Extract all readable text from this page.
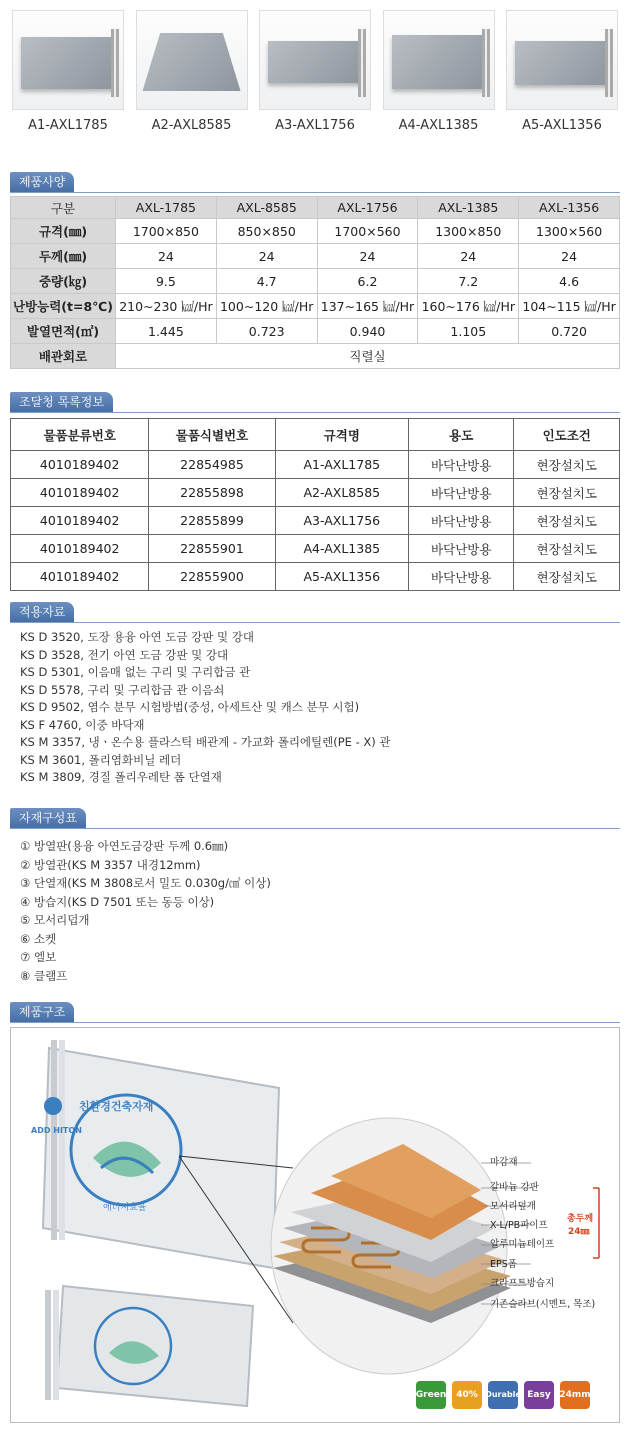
A1-AXL1785	A2-AXL8585	A3-AXL1756	A4-AXL1385	A5-AXL1356
제품사양
구분	AXL-1785	AXL-8585	AXL-1756	AXL-1385	AXL-1356
규격(㎜)	1700×850	850×850	1700×560	1300×850	1300×560
두께(㎜)	24	24	24	24	24
중량(㎏)	9.5	4.7	6.2	7.2	4.6
난방능력(t=8℃)	210∼230 ㎉/Hr	100∼120 ㎉/Hr	137∼165 ㎉/Hr	160∼176 ㎉/Hr	104∼115 ㎉/Hr
발열면적(㎡)	1.445	0.723	0.940	1.105	0.720
배관회로	직렬실				
조달청 목록정보
물품분류번호	물품식별번호	규격명	용도	인도조건
4010189402	22854985	A1-AXL1785	바닥난방용	현장설치도
4010189402	22855898	A2-AXL8585	바닥난방용	현장설치도
4010189402	22855899	A3-AXL1756	바닥난방용	현장설치도
4010189402	22855901	A4-AXL1385	바닥난방용	현장설치도
4010189402	22855900	A5-AXL1356	바닥난방용	현장설치도
적용자료
KS D 3520, 도장 용융 아연 도금 강판 및 강대
KS D 3528, 전기 아연 도금 강판 및 강대
KS D 5301, 이음매 없는 구리 및 구리합금 관
KS D 5578, 구리 및 구리합금 관 이음쇠
KS D 9502, 염수 분무 시험방법(중성, 아세트산 및 캐스 분무 시험)
KS F 4760, 이중 바닥재
KS M 3357, 냉ㆍ온수용 플라스틱 배관계 - 가교화 폴리에틸렌(PE - X) 관
KS M 3601, 폴리염화비닐 레더
KS M 3809, 경질 폴리우레탄 폼 단열재
자재구성표
① 방열판(용융 아연도금강판 두께 0.6㎜)
② 방열관(KS M 3357 내경12mm)
③ 단열재(KS M 3808로서 밀도 0.030g/㎤ 이상)
④ 방습지(KS D 7501 또는 동등 이상)
⑤ 모서리덥개
⑥ 소켓
⑦ 엘보
⑧ 클램프
제품구조
친환경건축자재
에너지효율
ADD HITON
마감재
갈바늄 강판
모서리덮개
X-L/PB파이프
알루미늄테이프
EPS폼
크라프트방습지
기존슬라브(시멘트, 목조)
총두께
24㎜
Green	40% Durable Easy 24mm
